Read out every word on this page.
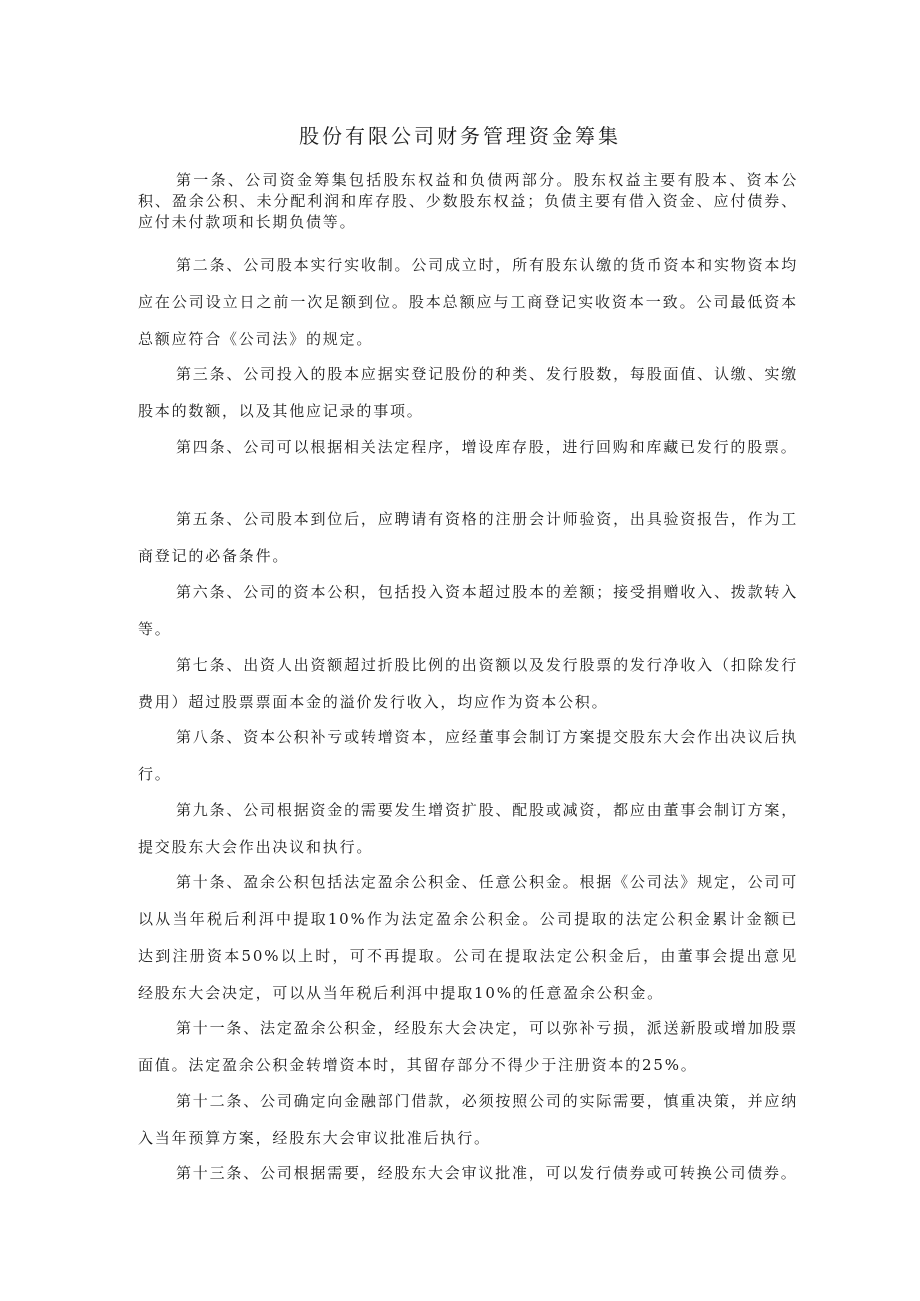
股份有限公司财务管理资金筹集

第一条、公司资金筹集包括股东权益和负债两部分。股东权益主要有股本、资本公积、盈余公积、未分配利润和库存股、少数股东权益；负债主要有借入资金、应付债券、应付未付款项和长期负债等。

第二条、公司股本实行实收制。公司成立时，所有股东认缴的货币资本和实物资本均应在公司设立日之前一次足额到位。股本总额应与工商登记实收资本一致。公司最低资本总额应符合《公司法》的规定。

第三条、公司投入的股本应据实登记股份的种类、发行股数，每股面值、认缴、实缴股本的数额，以及其他应记录的事项。

第四条、公司可以根据相关法定程序，增设库存股，进行回购和库藏已发行的股票。

第五条、公司股本到位后，应聘请有资格的注册会计师验资，出具验资报告，作为工商登记的必备条件。

第六条、公司的资本公积，包括投入资本超过股本的差额；接受捐赠收入、拨款转入等。

第七条、出资人出资额超过折股比例的出资额以及发行股票的发行净收入（扣除发行费用）超过股票票面本金的溢价发行收入，均应作为资本公积。

第八条、资本公积补亏或转增资本，应经董事会制订方案提交股东大会作出决议后执行。

第九条、公司根据资金的需要发生增资扩股、配股或减资，都应由董事会制订方案，提交股东大会作出决议和执行。

第十条、盈余公积包括法定盈余公积金、任意公积金。根据《公司法》规定，公司可以从当年税后利洱中提取10%作为法定盈余公积金。公司提取的法定公积金累计金额已达到注册资本50%以上时，可不再提取。公司在提取法定公积金后，由董事会提出意见经股东大会决定，可以从当年税后利洱中提取10%的任意盈余公积金。

第十一条、法定盈余公积金，经股东大会决定，可以弥补亏损，派送新股或增加股票面值。法定盈余公积金转增资本时，其留存部分不得少于注册资本的25%。

第十二条、公司确定向金融部门借款，必须按照公司的实际需要，慎重决策，并应纳入当年预算方案，经股东大会审议批准后执行。

第十三条、公司根据需要，经股东大会审议批准，可以发行债券或可转换公司债券。
